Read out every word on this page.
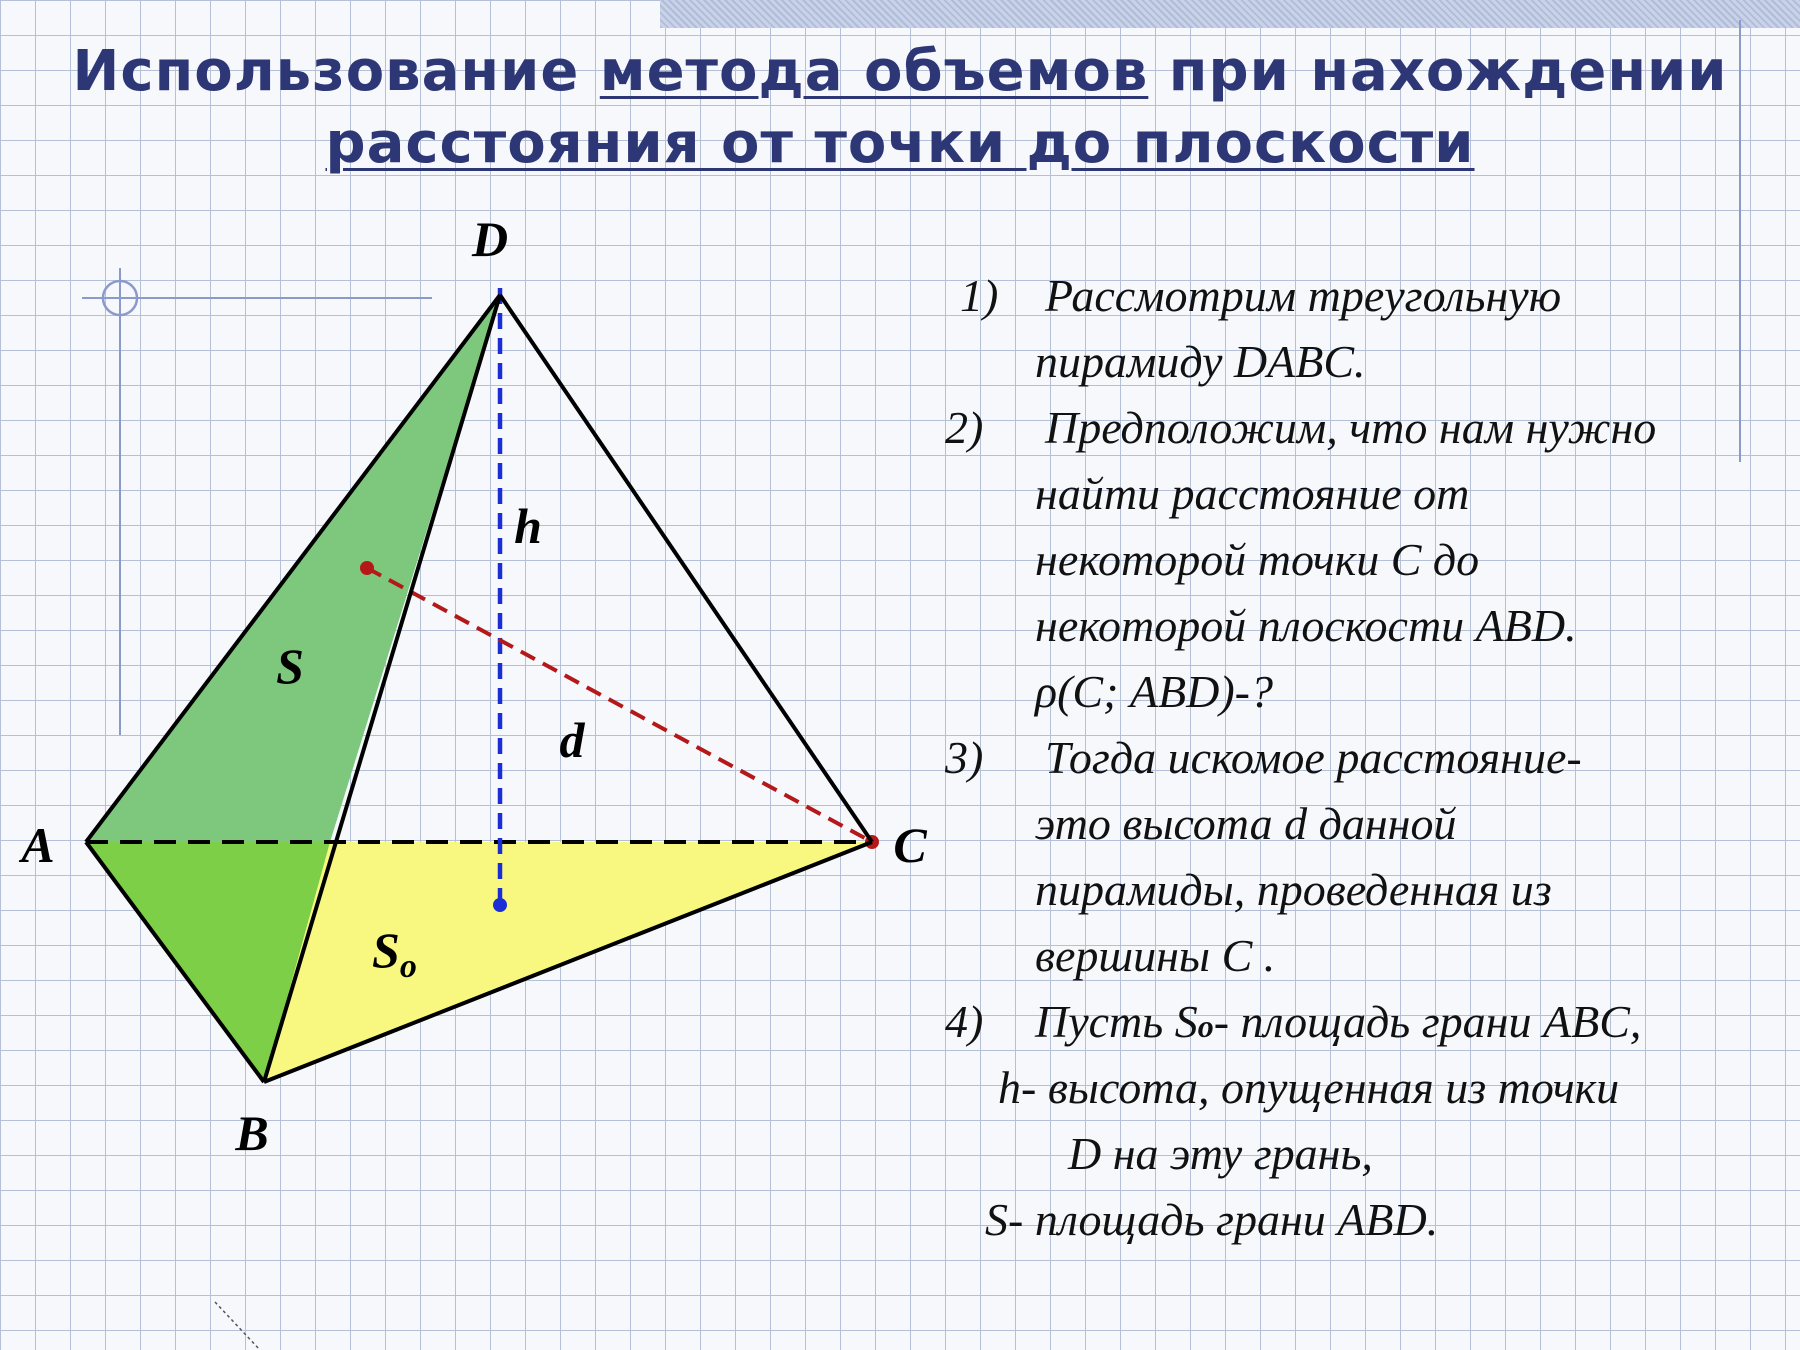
Использование метода объемов при нахождении
расстояния от точки до плоскости
D
A
B
C
h
d
S
$S_o$
1) Рассмотрим треугольную
пирамиду DABC.
2) Предположим, что нам нужно
найти расстояние от
некоторой точки С до
некоторой плоскости ABD.
ρ(С; ABD)-?
3) Тогда искомое расстояние-
это высота d данной
пирамиды, проведенная из
вершины С .
4) Пусть So- площадь грани ABC,
h- высота, опущенная из точки
D на эту грань,
S- площадь грани ABD.
